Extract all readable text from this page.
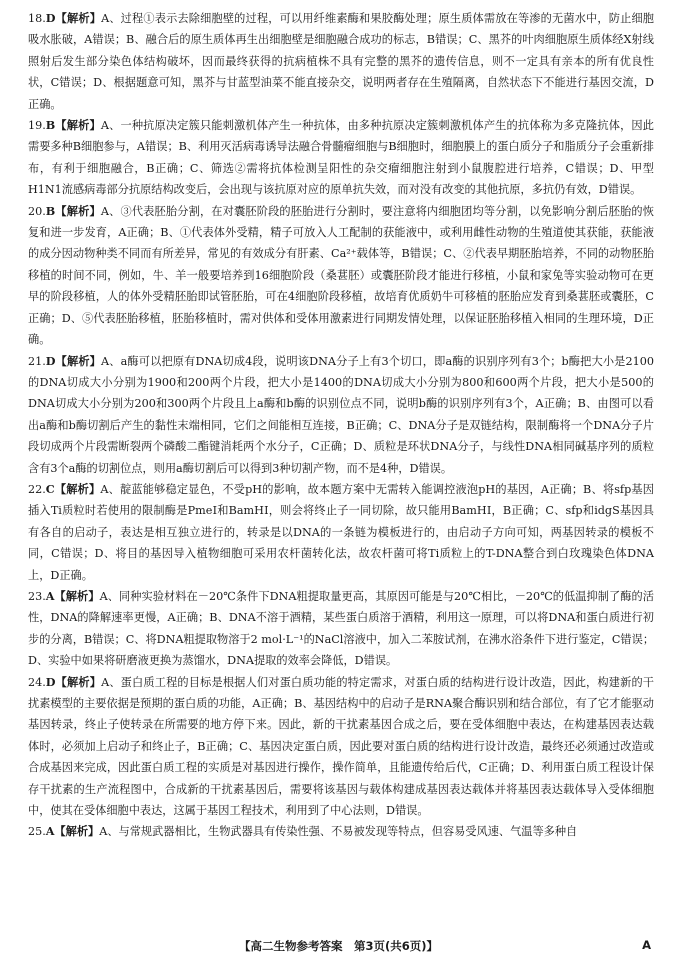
18.D【解析】A、过程①表示去除细胞壁的过程，可以用纤维素酶和果胶酶处理；原生质体需放在等渗的无菌水中，防止细胞吸水胀破，A错误；B、融合后的原生质体再生出细胞壁是细胞融合成功的标志，B错误；C、黑芥的叶肉细胞原生质体经X射线照射后发生部分染色体结构破坏，因而最终获得的抗病植株不具有完整的黑芥的遗传信息，则不一定具有亲本的所有优良性状，C错误；D、根据题意可知，黑芥与甘蓝型油菜不能直接杂交，说明两者存在生殖隔离，自然状态下不能进行基因交流，D正确。

19.B【解析】A、一种抗原决定簇只能刺激机体产生一种抗体，由多种抗原决定簇刺激机体产生的抗体称为多克隆抗体，因此需要多种B细胞参与，A错误；B、利用灭活病毒诱导法融合骨髓瘤细胞与B细胞时，细胞膜上的蛋白质分子和脂质分子会重新排布，有利于细胞融合，B正确；C、筛选②需将抗体检测呈阳性的杂交瘤细胞注射到小鼠腹腔进行培养，C错误；D、甲型H1N1流感病毒部分抗原结构改变后，会出现与该抗原对应的原单抗失效，而对没有改变的其他抗原，多抗仍有效，D错误。

20.B【解析】A、③代表胚胎分割，在对囊胚阶段的胚胎进行分割时，要注意将内细胞团均等分割，以免影响分割后胚胎的恢复和进一步发育，A正确；B、①代表体外受精，精子可放入人工配制的获能液中，或利用雌性动物的生殖道使其获能，获能液的成分因动物种类不同而有所差异，常见的有效成分有肝素、Ca²⁺载体等，B错误；C、②代表早期胚胎培养，不同的动物胚胎移植的时间不同，例如，牛、羊一般要培养到16细胞阶段（桑葚胚）或囊胚阶段才能进行移植，小鼠和家兔等实验动物可在更早的阶段移植，人的体外受精胚胎即试管胚胎，可在4细胞阶段移植，故培育优质奶牛可移植的胚胎应发育到桑葚胚或囊胚，C正确；D、⑤代表胚胎移植，胚胎移植时，需对供体和受体用激素进行同期发情处理，以保证胚胎移植入相同的生理环境，D正确。

21.D【解析】A、a酶可以把原有DNA切成4段，说明该DNA分子上有3个切口，即a酶的识别序列有3个；b酶把大小是2100的DNA切成大小分别为1900和200两个片段，把大小是1400的DNA切成大小分别为800和600两个片段，把大小是500的DNA切成大小分别为200和300两个片段且上a酶和b酶的识别位点不同，说明b酶的识别序列有3个，A正确；B、由图可以看出a酶和b酶切割后产生的黏性末端相同，它们之间能相互连接，B正确；C、DNA分子是双链结构，限制酶将一个DNA分子片段切成两个片段需断裂两个磷酸二酯键消耗两个水分子，C正确；D、质粒是环状DNA分子，与线性DNA相同碱基序列的质粒含有3个a酶的切割位点，则用a酶切割后可以得到3种切割产物，而不是4种，D错误。

22.C【解析】A、靛蓝能够稳定显色，不受pH的影响，故本题方案中无需转入能调控液泡pH的基因，A正确；B、将sfp基因插入Ti质粒时若使用的限制酶是PmeⅠ和BamHⅠ，则会将终止子一同切除，故只能用BamHⅠ，B正确；C、sfp和idgS基因具有各自的启动子，表达是相互独立进行的，转录是以DNA的一条链为模板进行的，由启动子方向可知，两基因转录的模板不同，C错误；D、将目的基因导入植物细胞可采用农杆菌转化法，故农杆菌可将Ti质粒上的T-DNA整合到白玫瑰染色体DNA上，D正确。

23.A【解析】A、同种实验材料在－20℃条件下DNA粗提取量更高，其原因可能是与20℃相比，－20℃的低温抑制了酶的活性，DNA的降解速率更慢，A正确；B、DNA不溶于酒精，某些蛋白质溶于酒精，利用这一原理，可以将DNA和蛋白质进行初步的分离，B错误；C、将DNA粗提取物溶于2 mol·L⁻¹的NaCl溶液中，加入二苯胺试剂，在沸水浴条件下进行鉴定，C错误；D、实验中如果将研磨液更换为蒸馏水，DNA提取的效率会降低，D错误。

24.D【解析】A、蛋白质工程的目标是根据人们对蛋白质功能的特定需求，对蛋白质的结构进行设计改造，因此，构建新的干扰素模型的主要依据是预期的蛋白质的功能，A正确；B、基因结构中的启动子是RNA聚合酶识别和结合部位，有了它才能驱动基因转录，终止子使转录在所需要的地方停下来。因此，新的干扰素基因合成之后，要在受体细胞中表达，在构建基因表达载体时，必须加上启动子和终止子，B正确；C、基因决定蛋白质，因此要对蛋白质的结构进行设计改造，最终还必须通过改造或合成基因来完成，因此蛋白质工程的实质是对基因进行操作，操作简单，且能遗传给后代，C正确；D、利用蛋白质工程设计保存干扰素的生产流程图中，合成新的干扰素基因后，需要将该基因与载体构建成基因表达载体并将基因表达载体导入受体细胞中，使其在受体细胞中表达，这属于基因工程技术，利用到了中心法则，D错误。

25.A【解析】A、与常规武器相比，生物武器具有传染性强、不易被发现等特点，但容易受风速、气温等多种自

【高二生物参考答案　第3页(共6页)】	A
